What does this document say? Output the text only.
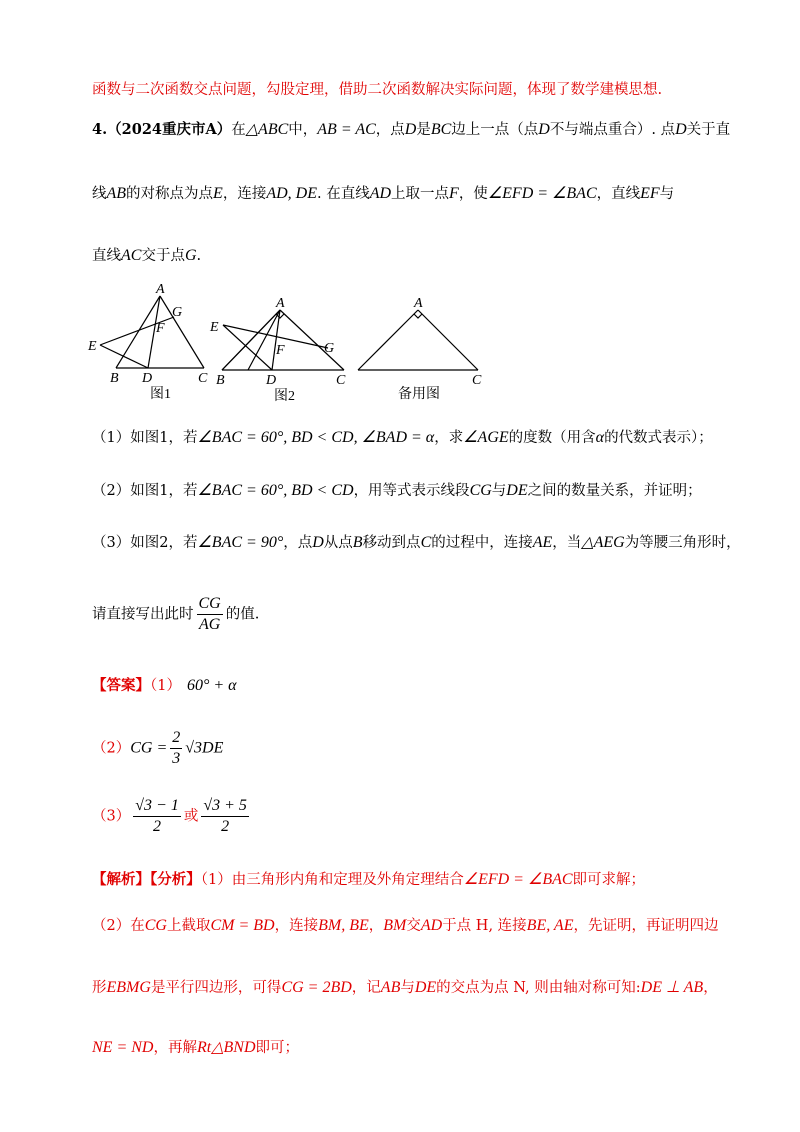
函数与二次函数交点问题，勾股定理，借助二次函数解决实际问题，体现了数学建模思想.
4.（2024重庆市A）在△ABC中，AB = AC，点D是BC边上一点（点D不与端点重合）. 点D关于直
线AB的对称点为点E，连接AD, DE. 在直线AD上取一点F，使∠EFD = ∠BAC，直线EF与
直线AC交于点G.
A
G
F
E
B D	C
图1
A
E
F	G
B	D	C
图2
A
C
备用图
（1）如图1，若∠BAC = 60°, BD < CD, ∠BAD = α，求∠AGE的度数（用含α的代数式表示）；
（2）如图1，若∠BAC = 60°, BD < CD，用等式表示线段CG与DE之间的数量关系，并证明；
（3）如图2，若∠BAC = 90°，点D从点B移动到点C的过程中，连接AE，当△AEG为等腰三角形时，
请直接写出此时 $\frac{CG}{AG}$ 的值.
【答案】（1） 60° + α
$(2)CG = \frac{2}{3} √3DE$
$(3) \frac{√3 - 1}{2}$ 或 $\frac{√3 + 5}{2}$
【解析】【分析】（1）由三角形内角和定理及外角定理结合∠EFD = ∠BAC即可求解；
（2）在CG上截取CM = BD，连接BM, BE，BM交AD于点 H, 连接BE, AE，先证明，再证明四边
形EBMG是平行四边形，可得CG = 2BD，记AB与DE的交点为点 N, 则由轴对称可知:DE ⊥ AB，
NE = ND，再解Rt△BND即可；
